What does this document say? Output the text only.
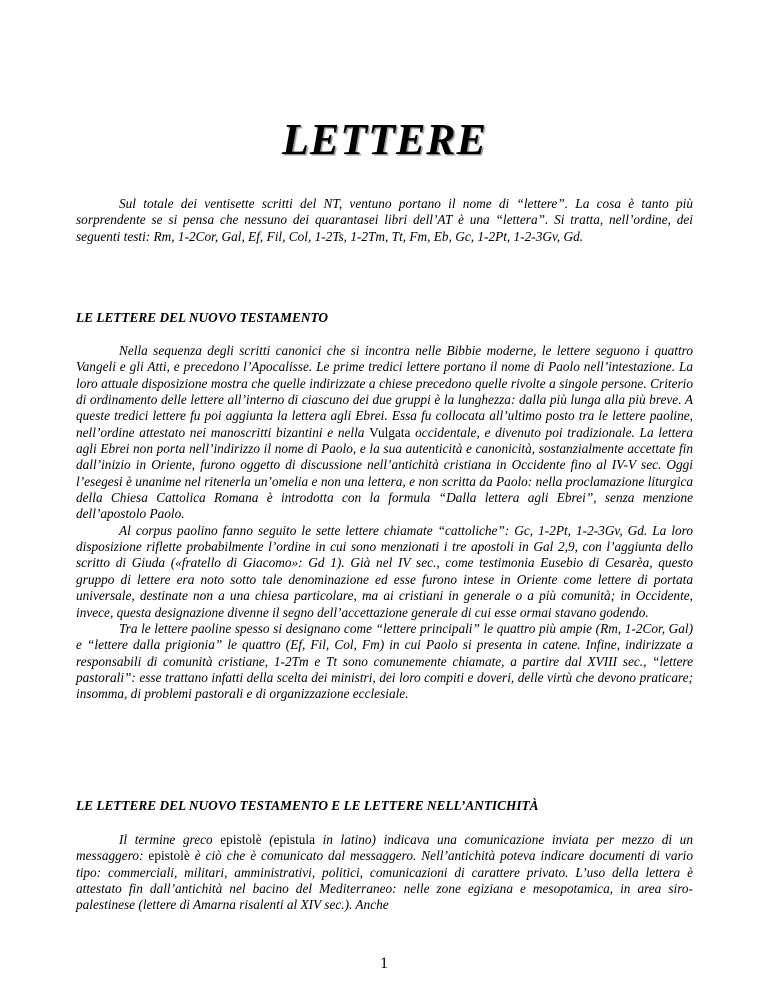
LETTERE

Sul totale dei ventisette scritti del NT, ventuno portano il nome di “lettere”. La cosa è tanto più sorprendente se si pensa che nessuno dei quarantasei libri dell’AT è una “lettera”. Si tratta, nell’ordine, dei seguenti testi: Rm, 1-2Cor, Gal, Ef, Fil, Col, 1-2Ts, 1-2Tm, Tt, Fm, Eb, Gc, 1-2Pt, 1-2-3Gv, Gd.

LE LETTERE DEL NUOVO TESTAMENTO

Nella sequenza degli scritti canonici che si incontra nelle Bibbie moderne, le lettere seguono i quattro Vangeli e gli Atti, e precedono l’Apocalisse. Le prime tredici lettere portano il nome di Paolo nell’intestazione. La loro attuale disposizione mostra che quelle indirizzate a chiese precedono quelle rivolte a singole persone. Criterio di ordinamento delle lettere all’interno di ciascuno dei due gruppi è la lunghezza: dalla più lunga alla più breve. A queste tredici lettere fu poi aggiunta la lettera agli Ebrei. Essa fu collocata all’ultimo posto tra le lettere paoline, nell’ordine attestato nei manoscritti bizantini e nella Vulgata occidentale, e divenuto poi tradizionale. La lettera agli Ebrei non porta nell’indirizzo il nome di Paolo, e la sua autenticità e canonicità, sostanzialmente accettate fin dall’inizio in Oriente, furono oggetto di discussione nell’antichità cristiana in Occidente fino al IV-V sec. Oggi l’esegesi è unanime nel ritenerla un’omelia e non una lettera, e non scritta da Paolo: nella proclamazione liturgica della Chiesa Cattolica Romana è introdotta con la formula “Dalla lettera agli Ebrei”, senza menzione dell’apostolo Paolo.

Al corpus paolino fanno seguito le sette lettere chiamate “cattoliche”: Gc, 1-2Pt, 1-2-3Gv, Gd. La loro disposizione riflette probabilmente l’ordine in cui sono menzionati i tre apostoli in Gal 2,9, con l’aggiunta dello scritto di Giuda («fratello di Giacomo»: Gd 1). Già nel IV sec., come testimonia Eusebio di Cesarèa, questo gruppo di lettere era noto sotto tale denominazione ed esse furono intese in Oriente come lettere di portata universale, destinate non a una chiesa particolare, ma ai cristiani in generale o a più comunità; in Occidente, invece, questa designazione divenne il segno dell’accettazione generale di cui esse ormai stavano godendo.

Tra le lettere paoline spesso si designano come “lettere principali” le quattro più ampie (Rm, 1-2Cor, Gal) e “lettere dalla prigionia” le quattro (Ef, Fil, Col, Fm) in cui Paolo si presenta in catene. Infine, indirizzate a responsabili di comunità cristiane, 1-2Tm e Tt sono comunemente chiamate, a partire dal XVIII sec., “lettere pastorali”: esse trattano infatti della scelta dei ministri, dei loro compiti e doveri, delle virtù che devono praticare; insomma, di problemi pastorali e di organizzazione ecclesiale.

LE LETTERE DEL NUOVO TESTAMENTO E LE LETTERE NELL’ANTICHITÀ

Il termine greco epistolè (epistula in latino) indicava una comunicazione inviata per mezzo di un messaggero: epistolè è ciò che è comunicato dal messaggero. Nell’antichità poteva indicare documenti di vario tipo: commerciali, militari, amministrativi, politici, comunicazioni di carattere privato. L’uso della lettera è attestato fin dall’antichità nel bacino del Mediterraneo: nelle zone egiziana e mesopotamica, in area siro-palestinese (lettere di Amarna risalenti al XIV sec.). Anche

1
